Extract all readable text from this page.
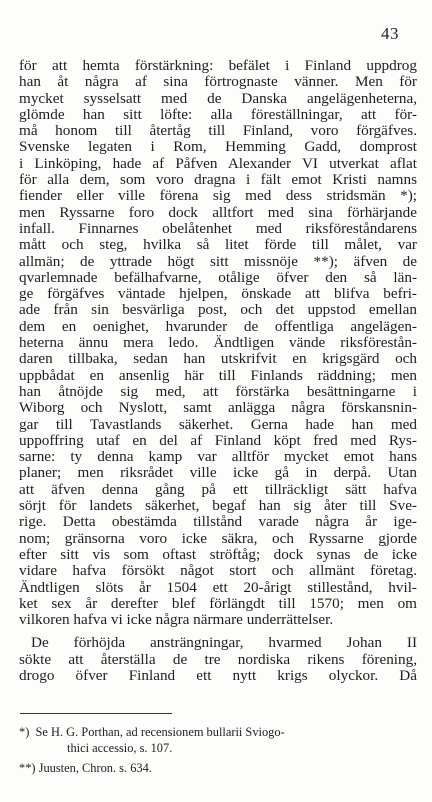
43
för att hemta förstärkning: befälet i Finland uppdrog
han åt några af sina förtrognaste vänner. Men för
mycket sysselsatt med de Danska angelägenheterna,
glömde han sitt löfte: alla föreställningar, att för-
må honom till återtåg till Finland, voro förgäfves.
Svenske legaten i Rom, Hemming Gadd, domprost
i Linköping, hade af Påfven Alexander VI utverkat aflat
för alla dem, som voro dragna i fält emot Kristi namns
fiender eller ville förena sig med dess stridsmän *);
men Ryssarne foro dock alltfort med sina förhärjande
infall. Finnarnes obelåtenhet med riksföreståndarens
mått och steg, hvilka så litet förde till målet, var
allmän; de yttrade högt sitt missnöje **); äfven de
qvarlemnade befälhafvarne, otålige öfver den så län-
ge förgäfves väntade hjelpen, önskade att blifva befri-
ade från sin besvärliga post, och det uppstod emellan
dem en oenighet, hvarunder de offentliga angelägen-
heterna ännu mera ledo. Ändtligen vände riksförestån-
daren tillbaka, sedan han utskrifvit en krigsgärd och
uppbådat en ansenlig här till Finlands räddning; men
han åtnöjde sig med, att förstärka besättningarne i
Wiborg och Nyslott, samt anlägga några förskansnin-
gar till Tavastlands säkerhet. Gerna hade han med
uppoffring utaf en del af Finland köpt fred med Rys-
sarne: ty denna kamp var alltför mycket emot hans
planer; men riksrådet ville icke gå in derpå. Utan
att äfven denna gång på ett tillräckligt sätt hafva
sörjt för landets säkerhet, begaf han sig åter till Sve-
rige. Detta obestämda tillstånd varade några år ige-
nom; gränsorna voro icke säkra, och Ryssarne gjorde
efter sitt vis som oftast ströftåg; dock synas de icke
vidare hafva försökt något stort och allmänt företag.
Ändtligen slöts år 1504 ett 20-årigt stillestånd, hvil-
ket sex år derefter blef förlängdt till 1570; men om
vilkoren hafva vi icke några närmare underrättelser.
De förhöjda ansträngningar, hvarmed Johan II
sökte att återställa de tre nordiska rikens förening,
drogo öfver Finland ett nytt krigs olyckor. Då
*) Se H. G. Porthan, ad recensionem bullarii Sviogo-
thici accessio, s. 107.
**) Juusten, Chron. s. 634.
